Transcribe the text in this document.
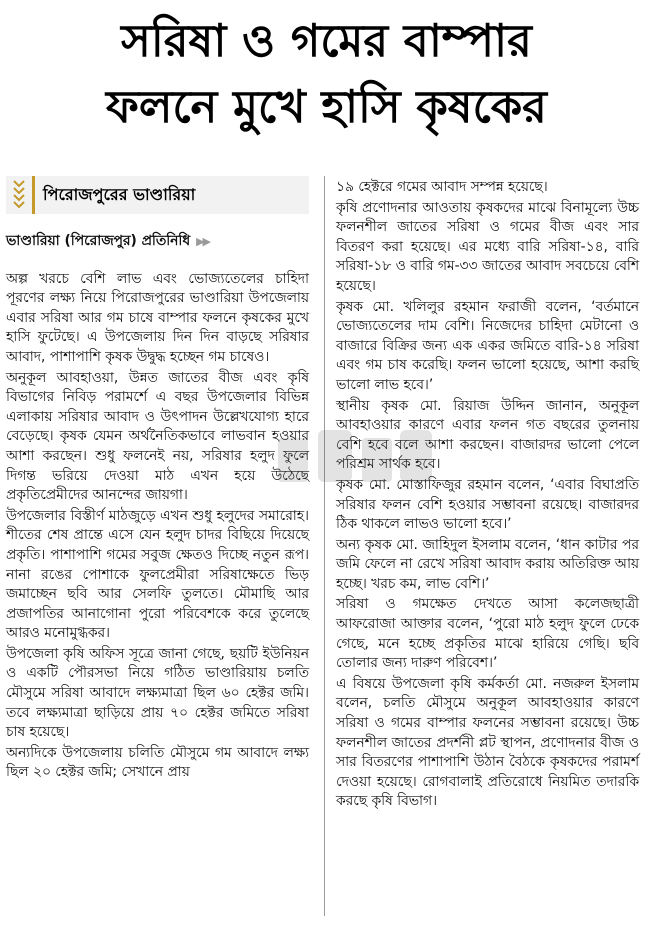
সরিষা ও গমের বাম্পার
ফলনে মুখে হাসি কৃষকের
পিরোজপুরের ভাণ্ডারিয়া
ভাণ্ডারিয়া (পিরোজপুর) প্রতিনিধি ▶▶

অল্প খরচে বেশি লাভ এবং ভোজ্যতেলের চাহিদা পূরণের লক্ষ্য নিয়ে পিরোজপুরের ভাণ্ডারিয়া উপজেলায় এবার সরিষা আর গম চাষে বাম্পার ফলনে কৃষকের মুখে হাসি ফুটেছে। এ উপজেলায় দিন দিন বাড়ছে সরিষার আবাদ, পাশাপাশি কৃষক উদ্বুদ্ধ হচ্ছেন গম চাষেও।

অনুকূল আবহাওয়া, উন্নত জাতের বীজ এবং কৃষি বিভাগের নিবিড় পরামর্শে এ বছর উপজেলার বিভিন্ন এলাকায় সরিষার আবাদ ও উৎপাদন উল্লেখযোগ্য হারে বেড়েছে। কৃষক যেমন অর্থনৈতিকভাবে লাভবান হওয়ার আশা করছেন। শুধু ফলনেই নয়, সরিষার হলুদ ফুলে দিগন্ত ভরিয়ে দেওয়া মাঠ এখন হয়ে উঠেছে প্রকৃতিপ্রেমীদের আনন্দের জায়গা।

উপজেলার বিস্তীর্ণ মাঠজুড়ে এখন শুধু হলুদের সমারোহ। শীতের শেষ প্রান্তে এসে যেন হলুদ চাদর বিছিয়ে দিয়েছে প্রকৃতি। পাশাপাশি গমের সবুজ ক্ষেতও দিচ্ছে নতুন রূপ। নানা রঙের পোশাকে ফুলপ্রেমীরা সরিষাক্ষেতে ভিড় জমাচ্ছেন ছবি আর সেলফি তুলতে। মৌমাছি আর প্রজাপতির আনাগোনা পুরো পরিবেশকে করে তুলেছে আরও মনোমুগ্ধকর।

উপজেলা কৃষি অফিস সূত্রে জানা গেছে, ছয়টি ইউনিয়ন ও একটি পৌরসভা নিয়ে গঠিত ভাণ্ডারিয়ায় চলতি মৌসুমে সরিষা আবাদে লক্ষ্যমাত্রা ছিল ৬০ হেক্টর জমি। তবে লক্ষ্যমাত্রা ছাড়িয়ে প্রায় ৭০ হেক্টর জমিতে সরিষা চাষ হয়েছে।

অন্যদিকে উপজেলায় চলিতি মৌসুমে গম আবাদে লক্ষ্য ছিল ২০ হেক্টর জমি; সেখানে প্রায়

১৯ হেক্টরে গমের আবাদ সম্পন্ন হয়েছে।

কৃষি প্রণোদনার আওতায় কৃষকদের মাঝে বিনামূল্যে উচ্চ ফলনশীল জাতের সরিষা ও গমের বীজ এবং সার বিতরণ করা হয়েছে। এর মধ্যে বারি সরিষা-১৪, বারি সরিষা-১৮ ও বারি গম-৩৩ জাতের আবাদ সবচেয়ে বেশি হয়েছে।

কৃষক মো. খলিলুর রহমান ফরাজী বলেন, ‘বর্তমানে ভোজ্যতেলের দাম বেশি। নিজেদের চাহিদা মেটানো ও বাজারে বিক্রির জন্য এক একর জমিতে বারি-১৪ সরিষা এবং গম চাষ করেছি। ফলন ভালো হয়েছে, আশা করছি ভালো লাভ হবে।’

স্থানীয় কৃষক মো. রিয়াজ উদ্দিন জানান, অনুকূল আবহাওয়ার কারণে এবার ফলন গত বছরের তুলনায় বেশি হবে বলে আশা করছেন। বাজারদর ভালো পেলে পরিশ্রম সার্থক হবে।

কৃষক মো. মোস্তাফিজুর রহমান বলেন, ‘এবার বিঘাপ্রতি সরিষার ফলন বেশি হওয়ার সম্ভাবনা রয়েছে। বাজারদর ঠিক থাকলে লাভও ভালো হবে।’

অন্য কৃষক মো. জাহিদুল ইসলাম বলেন, ‘ধান কাটার পর জমি ফেলে না রেখে সরিষা আবাদ করায় অতিরিক্ত আয় হচ্ছে। খরচ কম, লাভ বেশি।’

সরিষা ও গমক্ষেত দেখতে আসা কলেজছাত্রী আফরোজা আক্তার বলেন, ‘পুরো মাঠ হলুদ ফুলে ঢেকে গেছে, মনে হচ্ছে প্রকৃতির মাঝে হারিয়ে গেছি। ছবি তোলার জন্য দারুণ পরিবেশ।’

এ বিষয়ে উপজেলা কৃষি কর্মকর্তা মো. নজরুল ইসলাম বলেন, চলতি মৌসুমে অনুকূল আবহাওয়ার কারণে সরিষা ও গমের বাম্পার ফলনের সম্ভাবনা রয়েছে। উচ্চ ফলনশীল জাতের প্রদর্শনী প্লট স্থাপন, প্রণোদনার বীজ ও সার বিতরণের পাশাপাশি উঠান বৈঠকে কৃষকদের পরামর্শ দেওয়া হয়েছে। রোগবালাই প্রতিরোধে নিয়মিত তদারকি করছে কৃষি বিভাগ।
